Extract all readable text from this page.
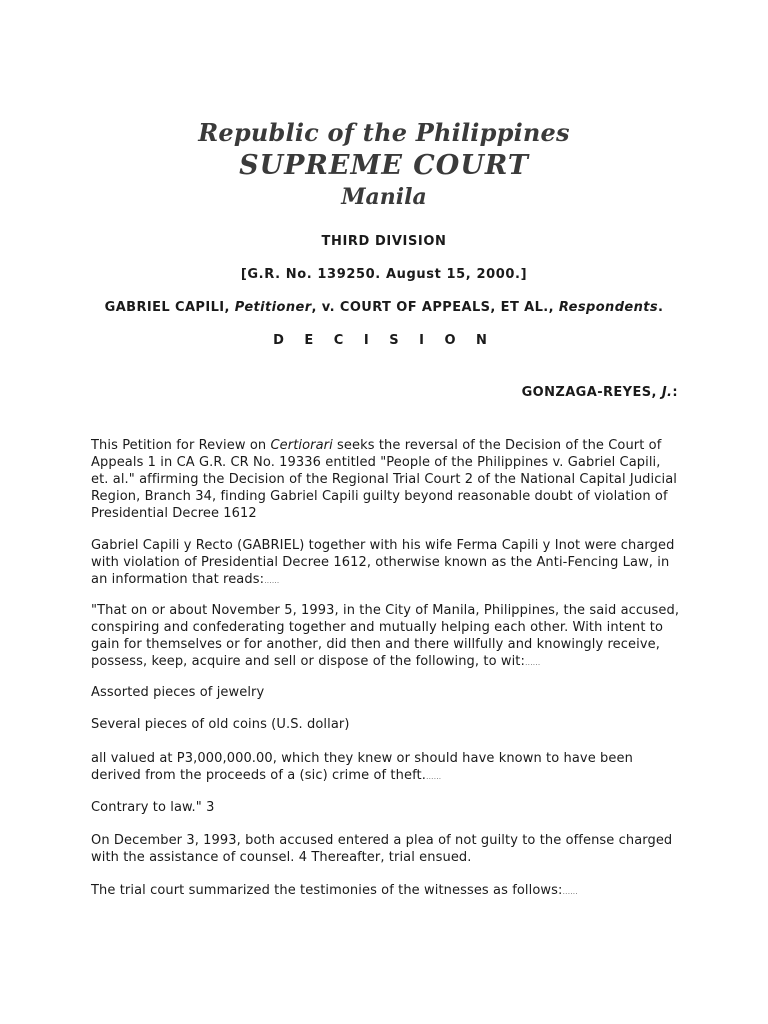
Republic of the Philippines
SUPREME COURT
Manila
THIRD DIVISION
[G.R. No. 139250. August 15, 2000.]
GABRIEL CAPILI, Petitioner, v. COURT OF APPEALS, ET AL., Respondents.
D E C I S I O N
GONZAGA-REYES, J.:

This Petition for Review on Certiorari seeks the reversal of the Decision of the Court of Appeals 1 in CA G.R. CR No. 19336 entitled "People of the Philippines v. Gabriel Capili, et. al." affirming the Decision of the Regional Trial Court 2 of the National Capital Judicial Region, Branch 34, finding Gabriel Capili guilty beyond reasonable doubt of violation of Presidential Decree 1612

Gabriel Capili y Recto (GABRIEL) together with his wife Ferma Capili y Inot were charged with violation of Presidential Decree 1612, otherwise known as the Anti-Fencing Law, in an information that reads:......

"That on or about November 5, 1993, in the City of Manila, Philippines, the said accused, conspiring and confederating together and mutually helping each other. With intent to gain for themselves or for another, did then and there willfully and knowingly receive, possess, keep, acquire and sell or dispose of the following, to wit:......

Assorted pieces of jewelry

Several pieces of old coins (U.S. dollar)

all valued at P3,000,000.00, which they knew or should have known to have been derived from the proceeds of a (sic) crime of theft.......

Contrary to law." 3

On December 3, 1993, both accused entered a plea of not guilty to the offense charged with the assistance of counsel. 4 Thereafter, trial ensued.

The trial court summarized the testimonies of the witnesses as follows:......
